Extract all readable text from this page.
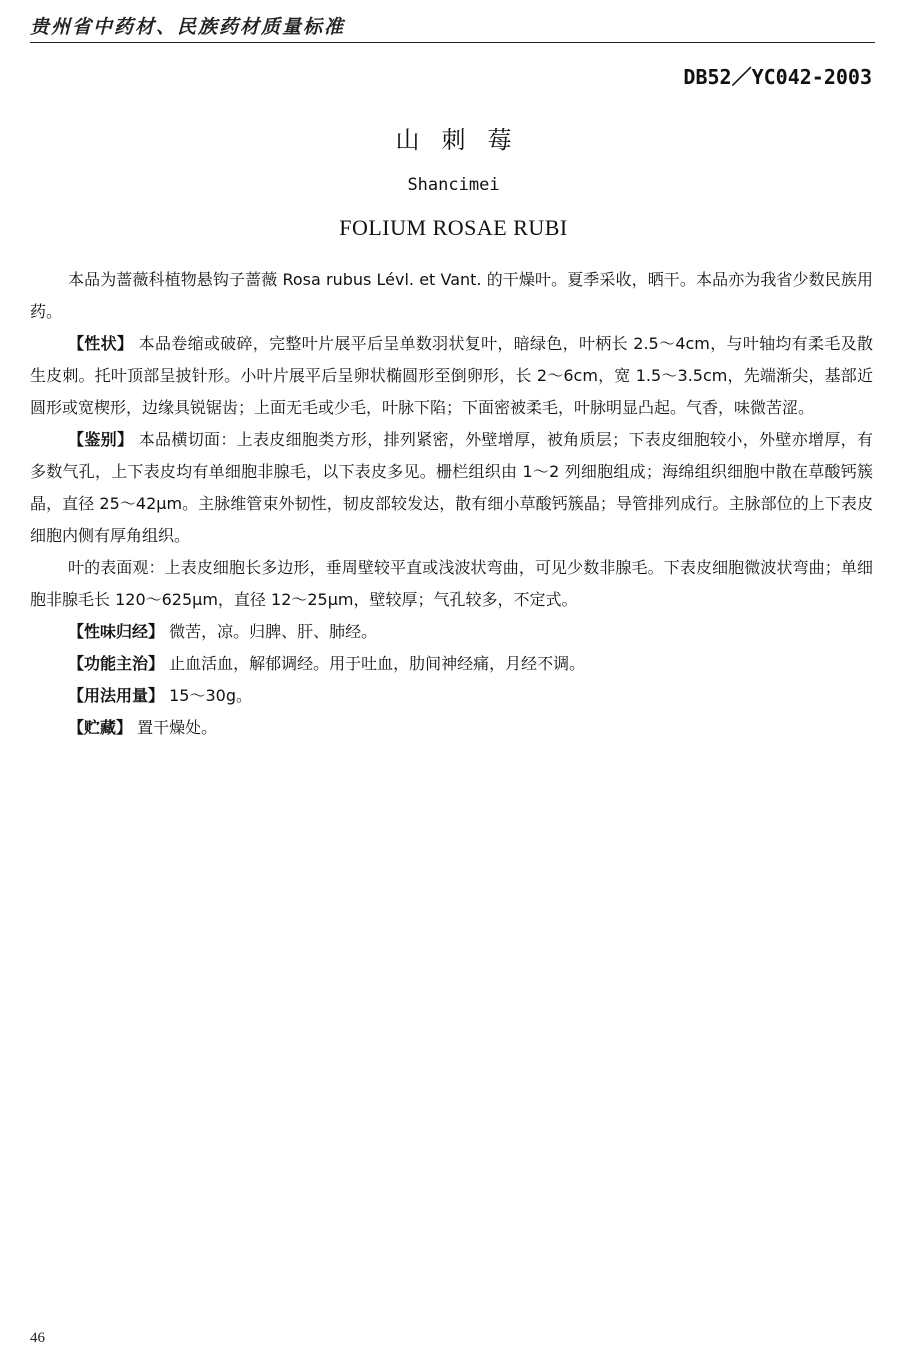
贵州省中药材、民族药材质量标准
DB52／YC042-2003
山刺莓
Shancimei
FOLIUM ROSAE RUBI

本品为蔷薇科植物悬钩子蔷薇 Rosa rubus Lévl. et Vant. 的干燥叶。夏季采收，晒干。本品亦为我省少数民族用药。

【性状】 本品卷缩或破碎，完整叶片展平后呈单数羽状复叶，暗绿色，叶柄长 2.5～4cm，与叶轴均有柔毛及散生皮刺。托叶顶部呈披针形。小叶片展平后呈卵状椭圆形至倒卵形，长 2～6cm，宽 1.5～3.5cm，先端渐尖，基部近圆形或宽楔形，边缘具锐锯齿；上面无毛或少毛，叶脉下陷；下面密被柔毛，叶脉明显凸起。气香，味微苦涩。

【鉴别】 本品横切面：上表皮细胞类方形，排列紧密，外壁增厚，被角质层；下表皮细胞较小，外壁亦增厚，有多数气孔，上下表皮均有单细胞非腺毛，以下表皮多见。栅栏组织由 1～2 列细胞组成；海绵组织细胞中散在草酸钙簇晶，直径 25～42μm。主脉维管束外韧性，韧皮部较发达，散有细小草酸钙簇晶；导管排列成行。主脉部位的上下表皮细胞内侧有厚角组织。

叶的表面观：上表皮细胞长多边形，垂周壁较平直或浅波状弯曲，可见少数非腺毛。下表皮细胞微波状弯曲；单细胞非腺毛长 120～625μm，直径 12～25μm，壁较厚；气孔较多，不定式。

【性味归经】 微苦，凉。归脾、肝、肺经。

【功能主治】 止血活血，解郁调经。用于吐血，肋间神经痛，月经不调。

【用法用量】 15～30g。

【贮藏】 置干燥处。

46
